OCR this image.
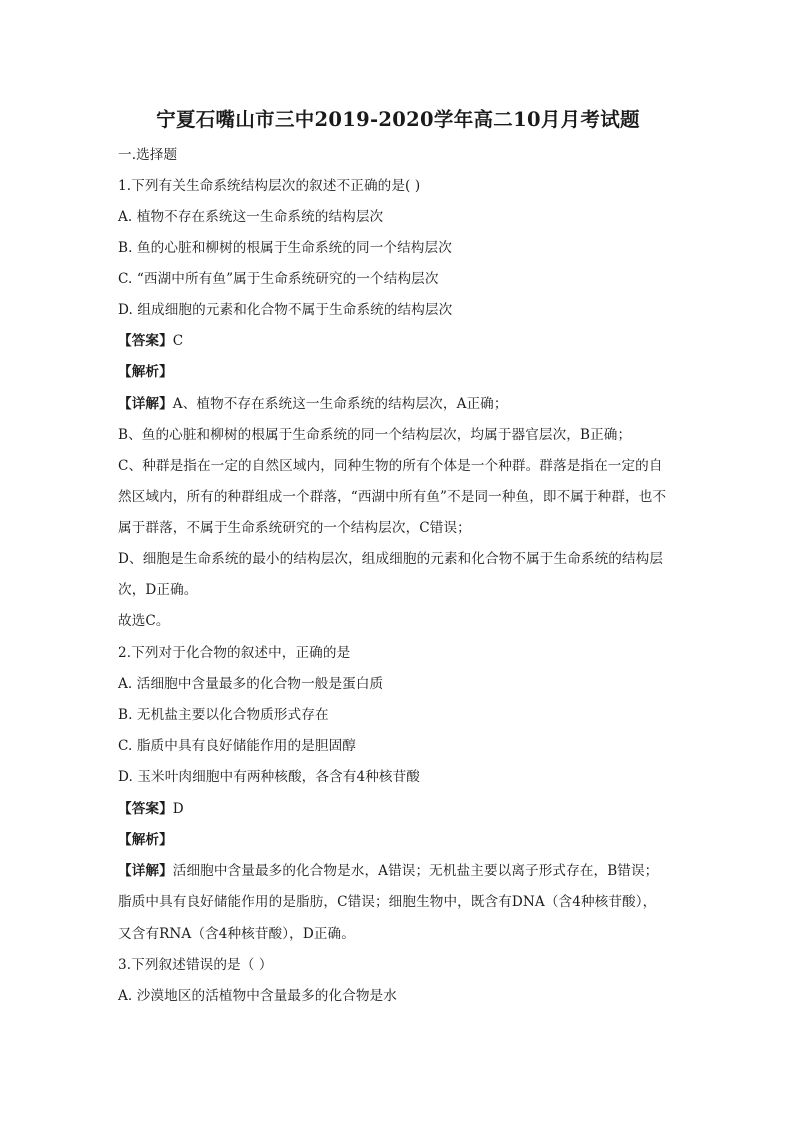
宁夏石嘴山市三中2019-2020学年高二10月月考试题
一.选择题
1.下列有关生命系统结构层次的叙述不正确的是( )
A. 植物不存在系统这一生命系统的结构层次
B. 鱼的心脏和柳树的根属于生命系统的同一个结构层次
C. “西湖中所有鱼”属于生命系统研究的一个结构层次
D. 组成细胞的元素和化合物不属于生命系统的结构层次
【答案】C
【解析】
【详解】A、植物不存在系统这一生命系统的结构层次，A正确；
B、鱼的心脏和柳树的根属于生命系统的同一个结构层次，均属于器官层次，B正确；
C、种群是指在一定的自然区域内，同种生物的所有个体是一个种群。群落是指在一定的自
然区域内，所有的种群组成一个群落，“西湖中所有鱼”不是同一种鱼，即不属于种群，也不
属于群落，不属于生命系统研究的一个结构层次，C错误；
D、细胞是生命系统的最小的结构层次，组成细胞的元素和化合物不属于生命系统的结构层
次，D正确。
故选C。
2.下列对于化合物的叙述中，正确的是
A. 活细胞中含量最多的化合物一般是蛋白质
B. 无机盐主要以化合物质形式存在
C. 脂质中具有良好储能作用的是胆固醇
D. 玉米叶肉细胞中有两种核酸，各含有4种核苷酸
【答案】D
【解析】
【详解】活细胞中含量最多的化合物是水，A错误；无机盐主要以离子形式存在，B错误；
脂质中具有良好储能作用的是脂肪，C错误；细胞生物中，既含有DNA（含4种核苷酸），
又含有RNA（含4种核苷酸），D正确。
3.下列叙述错误的是（ ）
A. 沙漠地区的活植物中含量最多的化合物是水
